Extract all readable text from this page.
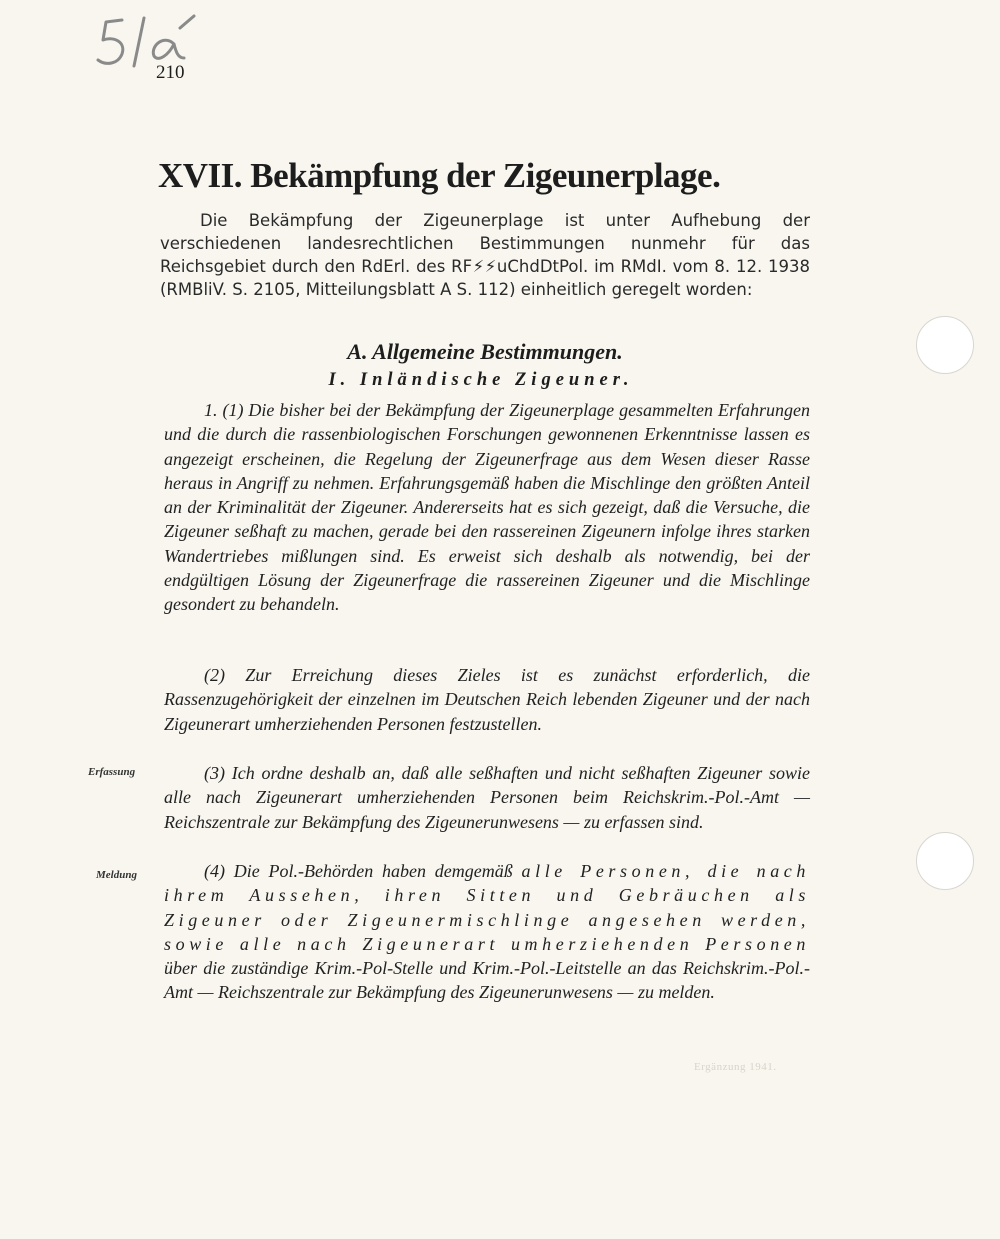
210
XVII. Bekämpfung der Zigeunerplage.

Die Bekämpfung der Zigeunerplage ist unter Aufhebung der verschiedenen landesrechtlichen Bestimmungen nunmehr für das Reichsgebiet durch den RdErl. des RF⚡⚡uChdDtPol. im RMdI. vom 8. 12. 1938 (RMBliV. S. 2105, Mitteilungsblatt A S. 112) einheitlich geregelt worden:

A. Allgemeine Bestimmungen.
I. Inländische Zigeuner.

1. (1) Die bisher bei der Bekämpfung der Zigeunerplage gesammelten Erfahrungen und die durch die rassenbiologischen Forschungen gewonnenen Erkenntnisse lassen es angezeigt erscheinen, die Regelung der Zigeunerfrage aus dem Wesen dieser Rasse heraus in Angriff zu nehmen. Erfahrungsgemäß haben die Mischlinge den größten Anteil an der Kriminalität der Zigeuner. Andererseits hat es sich gezeigt, daß die Versuche, die Zigeuner seßhaft zu machen, gerade bei den rassereinen Zigeunern infolge ihres starken Wandertriebes mißlungen sind. Es erweist sich deshalb als notwendig, bei der endgültigen Lösung der Zigeunerfrage die rassereinen Zigeuner und die Mischlinge gesondert zu behandeln.

(2) Zur Erreichung dieses Zieles ist es zunächst erforderlich, die Rassenzugehörigkeit der einzelnen im Deutschen Reich lebenden Zigeuner und der nach Zigeunerart umherziehenden Personen festzustellen.

(3) Ich ordne deshalb an, daß alle seßhaften und nicht seßhaften Zigeuner sowie alle nach Zigeunerart umherziehenden Personen beim Reichskrim.-Pol.-Amt — Reichszentrale zur Bekämpfung des Zigeunerunwesens — zu erfassen sind.

(4) Die Pol.-Behörden haben demgemäß alle Personen, die nach ihrem Aussehen, ihren Sitten und Gebräuchen als Zigeuner oder Zigeunermischlinge angesehen werden, sowie alle nach Zigeunerart umherziehenden Personen über die zuständige Krim.-Pol-Stelle und Krim.-Pol.-Leitstelle an das Reichskrim.-Pol.-Amt — Reichszentrale zur Bekämpfung des Zigeunerunwesens — zu melden.

Erfassung
Meldung
Ergänzung 1941.
